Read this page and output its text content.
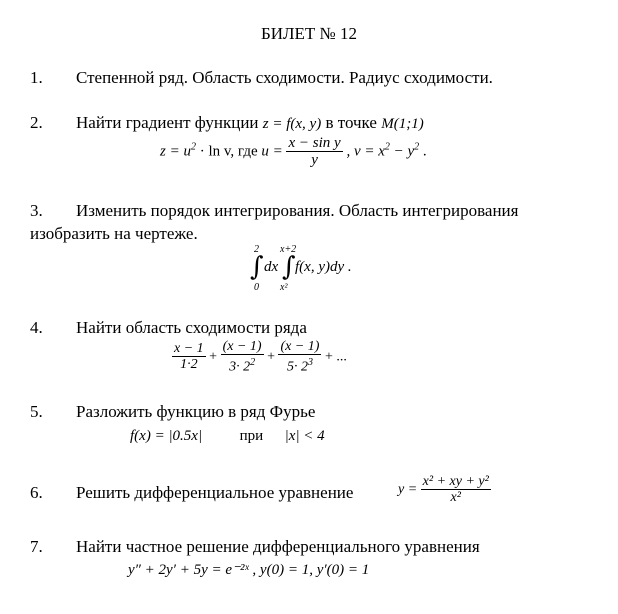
БИЛЕТ № 12
1. Степенной ряд. Область сходимости. Радиус сходимости.
2. Найти градиент функции z = f(x, y) в точке M(1;1)
$z = u^2 \cdot \ln v$, где $u = \frac{\text{x − sin y}}{y}$ , $v = x^2 - y^2$ .
3. Изменить порядок интегрирования. Область интегрирования
изобразить на чертеже.
2
∫
0
dx
x+2
∫
x²
f(x, y)dy .
4. Найти область сходимости ряда
$\frac{x - 1}{1\cdot 2} + \frac{(x - 1)}{3\cdot 2^2} + \frac{(x - 1)}{5\cdot 2^3}$ + ...
5. Разложить функцию в ряд Фурье
f(x) = |0.5x|	при |x| < 4
6. Решить дифференциальное уравнение	$y = \frac{\text{x² + xy + y²}}{\text{x²}}$
7. Найти частное решение дифференциального уравнения
y″ + 2y′ + 5y = e⁻²ˣ , y(0) = 1, y′(0) = 1
